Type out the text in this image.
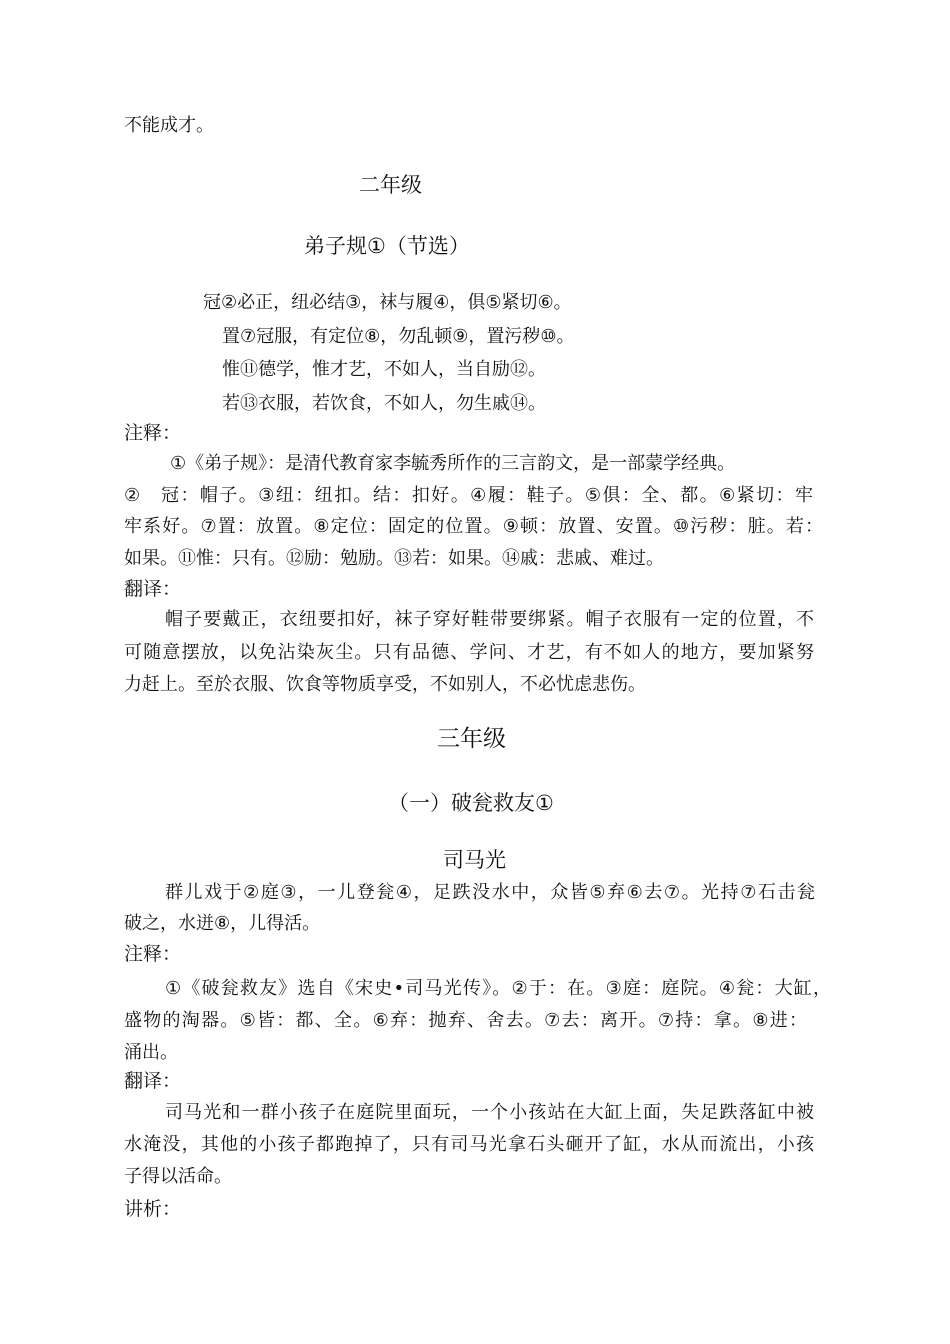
不能成才。
二年级
弟子规①（节选）
冠②必正，纽必结③，袜与履④，俱⑤紧切⑥。
置⑦冠服，有定位⑧，勿乱顿⑨，置污秽⑩。
惟⑪德学，惟才艺，不如人，当自励⑫。
若⑬衣服，若饮食，不如人，勿生戚⑭。
注释：
①《弟子规》：是清代教育家李毓秀所作的三言韵文，是一部蒙学经典。
②　冠：帽子。③纽：纽扣。结：扣好。④履：鞋子。⑤俱：全、都。⑥紧切：牢
牢系好。⑦置：放置。⑧定位：固定的位置。⑨顿：放置、安置。⑩污秽：脏。若：
如果。⑪惟：只有。⑫励：勉励。⑬若：如果。⑭戚：悲戚、难过。
翻译：
帽子要戴正，衣纽要扣好，袜子穿好鞋带要绑紧。帽子衣服有一定的位置，不
可随意摆放，以免沾染灰尘。只有品德、学问、才艺，有不如人的地方，要加紧努
力赶上。至於衣服、饮食等物质享受，不如别人，不必忧虑悲伤。
三年级
（一）破瓮救友①
司马光
群儿戏于②庭③，一儿登瓮④，足跌没水中，众皆⑤弃⑥去⑦。光持⑦石击瓮
破之，水迸⑧，儿得活。
注释：
①《破瓮救友》选自《宋史•司马光传》。②于：在。③庭：庭院。④瓮：大缸，
盛物的淘器。⑤皆：都、全。⑥弃：抛弃、舍去。⑦去：离开。⑦持：拿。⑧进：
涌出。
翻译：
司马光和一群小孩子在庭院里面玩，一个小孩站在大缸上面，失足跌落缸中被
水淹没，其他的小孩子都跑掉了，只有司马光拿石头砸开了缸，水从而流出，小孩
子得以活命。
讲析：
